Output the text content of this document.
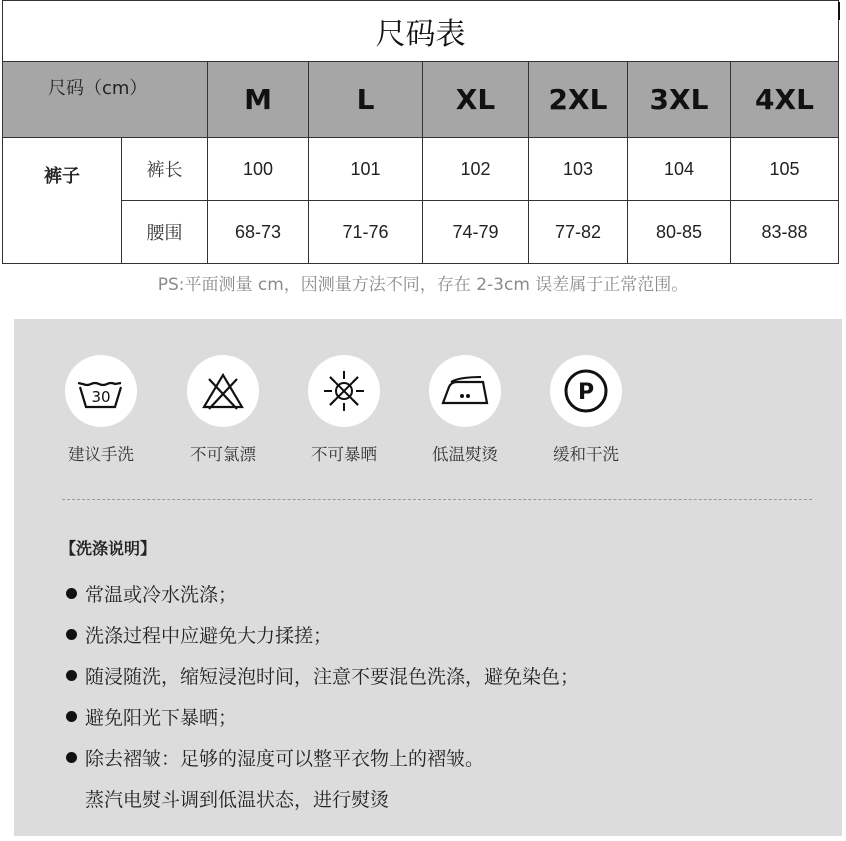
尺码表							

尺码（cm）		M	L	XL	2XL	3XL	4XL
裤子	裤长	100	101	102	103	104	105
	腰围	68-73	71-76	74-79	77-82	80-85	83-88
PS:平面测量 cm，因测量方法不同，存在 2-3cm 误差属于正常范围。
30
建议手洗	不可氯漂	不可暴晒	低温熨烫
P
缓和干洗
【洗涤说明】
常温或冷水洗涤；
洗涤过程中应避免大力揉搓；
随浸随洗，缩短浸泡时间，注意不要混色洗涤，避免染色；
避免阳光下暴晒；
除去褶皱：足够的湿度可以整平衣物上的褶皱。
蒸汽电熨斗调到低温状态，进行熨烫
